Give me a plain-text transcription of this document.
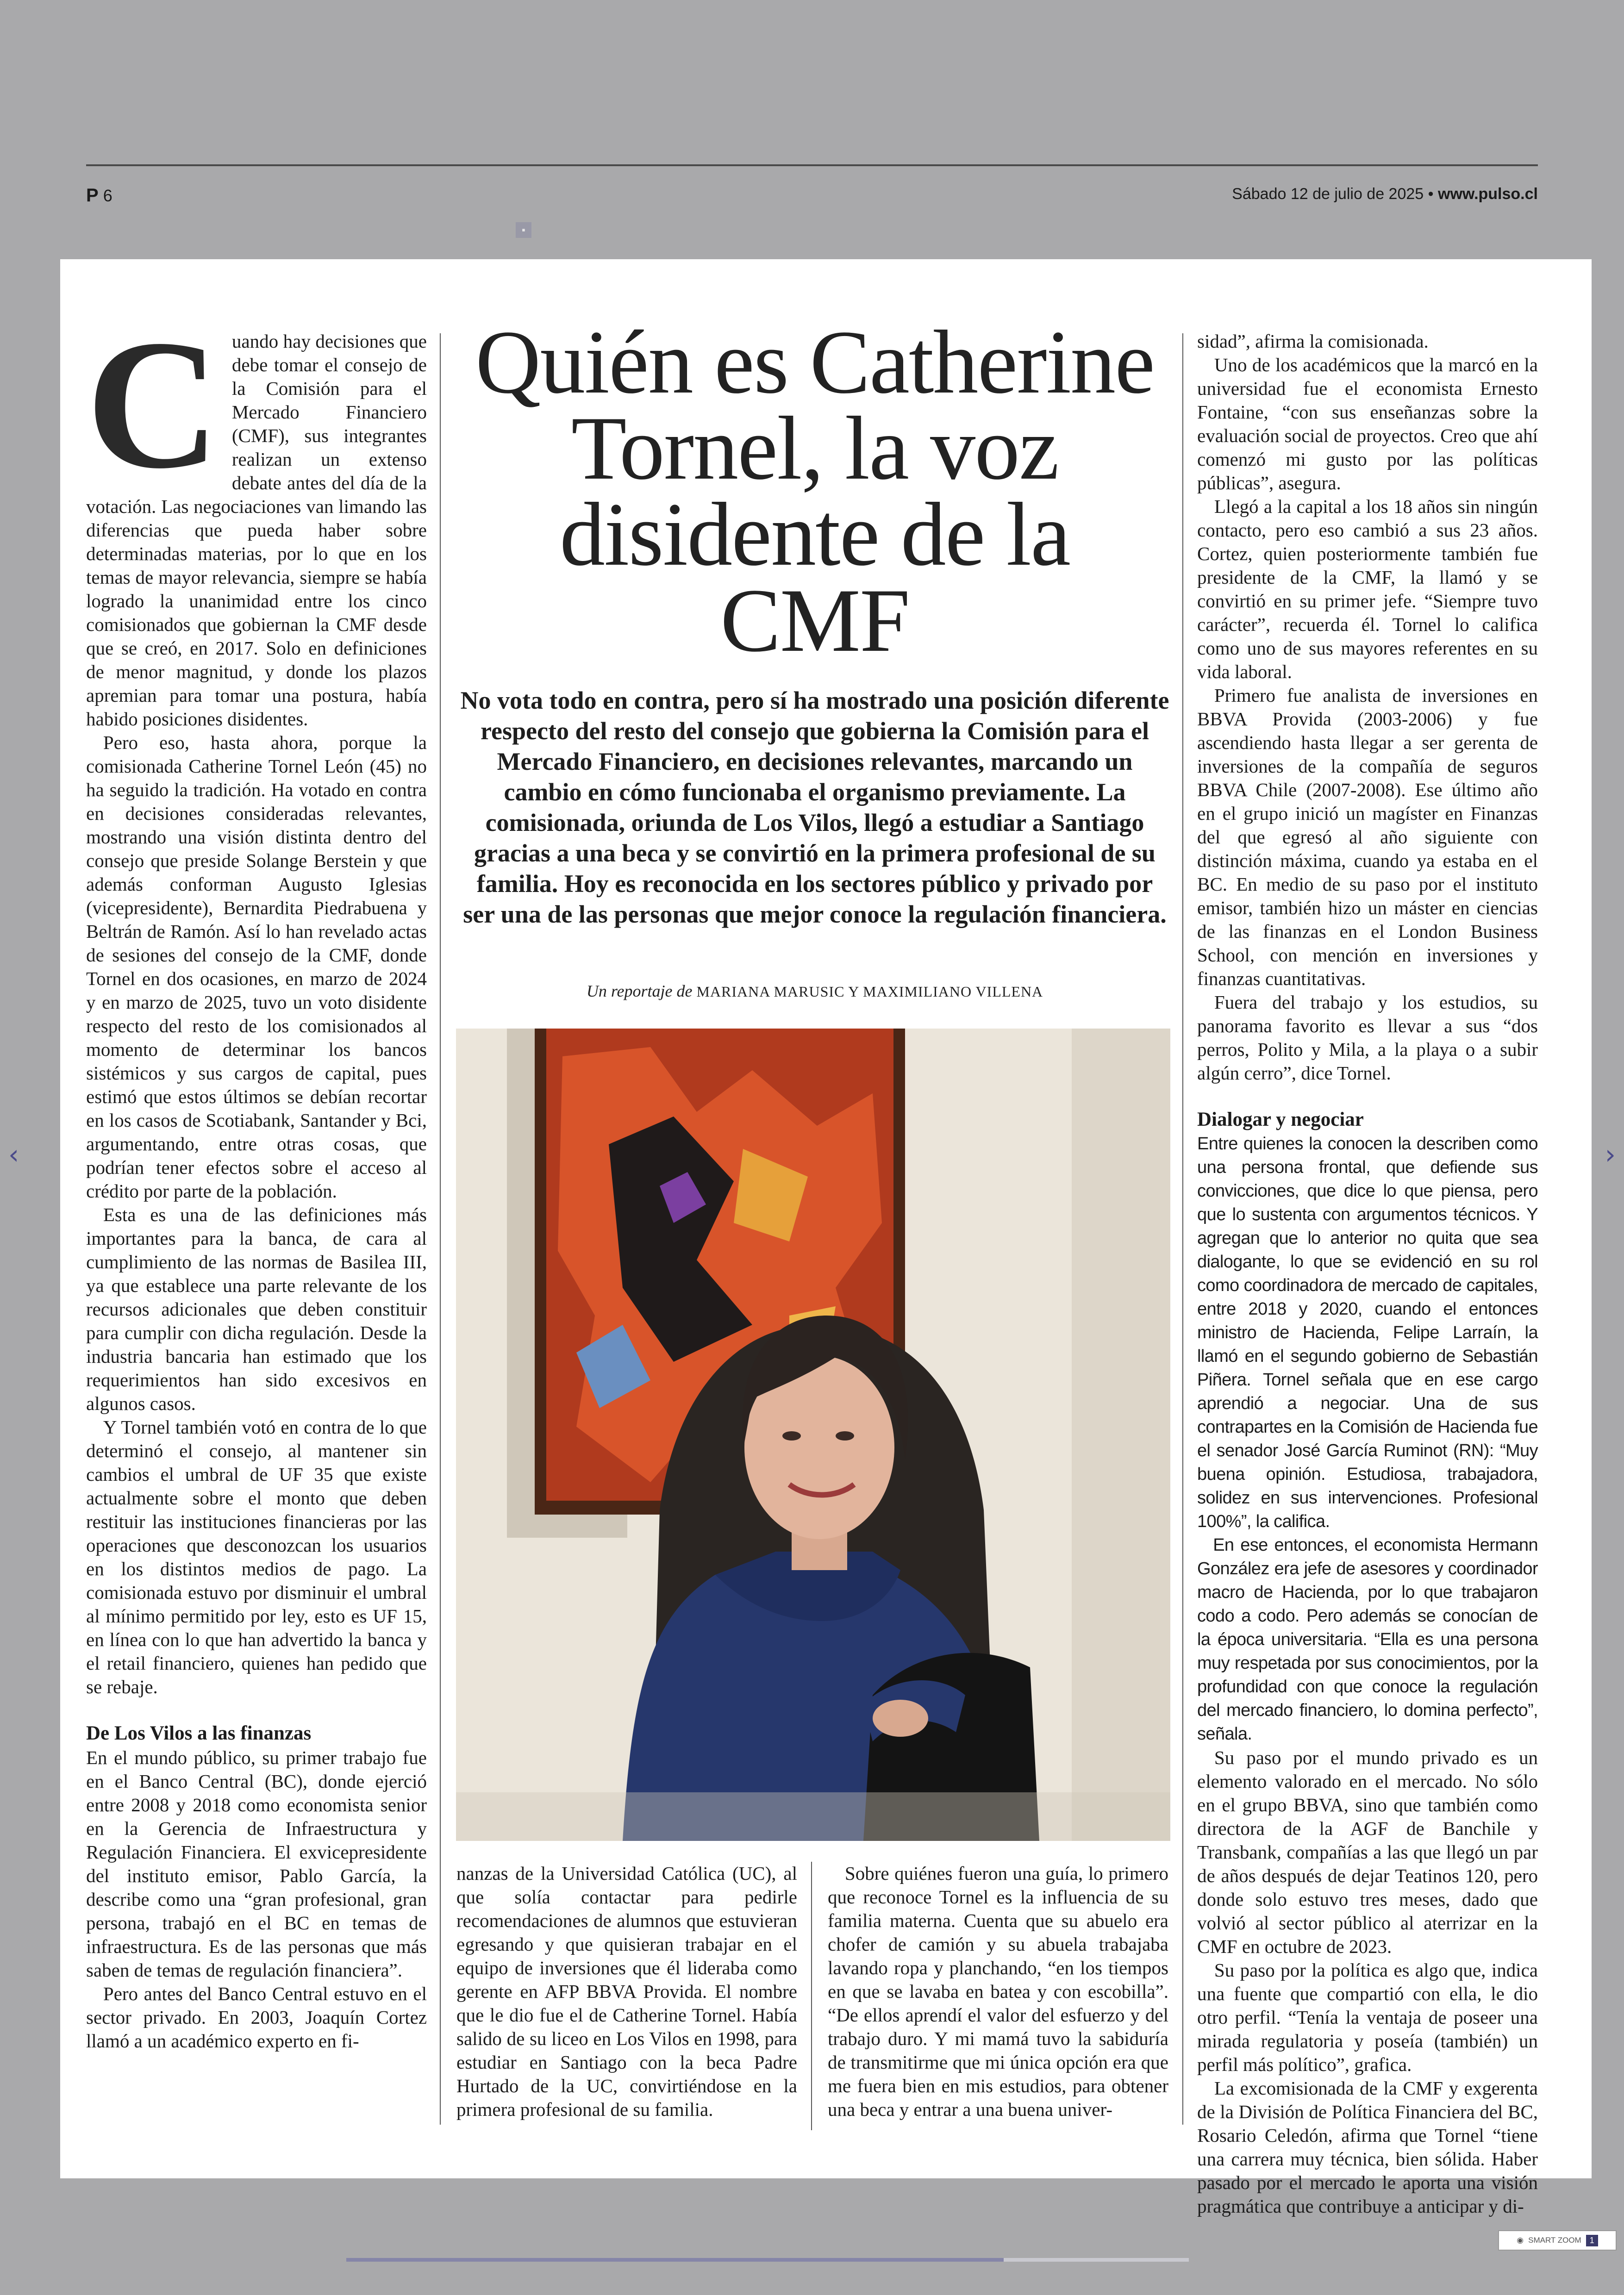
P 6	Sábado 12 de julio de 2025 • www.pulso.cl
▪

Cuando hay decisiones que debe tomar el consejo de la Comisión para el Mercado Financiero (CMF), sus integrantes realizan un extenso debate antes del día de la votación. Las negociaciones van limando las diferencias que pueda haber sobre determinadas materias, por lo que en los temas de mayor relevancia, siempre se había logrado la unanimidad entre los cinco comisionados que gobiernan la CMF desde que se creó, en 2017. Solo en definiciones de menor magnitud, y donde los plazos apremian para tomar una postura, había habido posiciones disidentes.

Pero eso, hasta ahora, porque la comisionada Catherine Tornel León (45) no ha seguido la tradición. Ha votado en contra en decisiones consideradas relevantes, mostrando una visión distinta dentro del consejo que preside Solange Berstein y que además conforman Augusto Iglesias (vicepresidente), Bernardita Piedrabuena y Beltrán de Ramón. Así lo han revelado actas de sesiones del consejo de la CMF, donde Tornel en dos ocasiones, en marzo de 2024 y en marzo de 2025, tuvo un voto disidente respecto del resto de los comisionados al momento de determinar los bancos sistémicos y sus cargos de capital, pues estimó que estos últimos se debían recortar en los casos de Scotiabank, Santander y Bci, argumentando, entre otras cosas, que podrían tener efectos sobre el acceso al crédito por parte de la población.

Esta es una de las definiciones más importantes para la banca, de cara al cumplimiento de las normas de Basilea III, ya que establece una parte relevante de los recursos adicionales que deben constituir para cumplir con dicha regulación. Desde la industria bancaria han estimado que los requerimientos han sido excesivos en algunos casos.

Y Tornel también votó en contra de lo que determinó el consejo, al mantener sin cambios el umbral de UF 35 que existe actualmente sobre el monto que deben restituir las instituciones financieras por las operaciones que desconozcan los usuarios en los distintos medios de pago. La comisionada estuvo por disminuir el umbral al mínimo permitido por ley, esto es UF 15, en línea con lo que han advertido la banca y el retail financiero, quienes han pedido que se rebaje.

De Los Vilos a las finanzas

En el mundo público, su primer trabajo fue en el Banco Central (BC), donde ejerció entre 2008 y 2018 como economista senior en la Gerencia de Infraestructura y Regulación Financiera. El exvicepresidente del instituto emisor, Pablo García, la describe como una “gran profesional, gran persona, trabajó en el BC en temas de infraestructura. Es de las personas que más saben de temas de regulación financiera”.

Pero antes del Banco Central estuvo en el sector privado. En 2003, Joaquín Cortez llamó a un académico experto en fi-

Quién es Catherine Tornel, la voz disidente de la CMF
No vota todo en contra, pero sí ha mostrado una posición diferente respecto del resto del consejo que gobierna la Comisión para el Mercado Financiero, en decisiones relevantes, marcando un cambio en cómo funcionaba el organismo previamente. La comisionada, oriunda de Los Vilos, llegó a estudiar a Santiago gracias a una beca y se convirtió en la primera profesional de su familia. Hoy es reconocida en los sectores público y privado por ser una de las personas que mejor conoce la regulación financiera.
Un reportaje de MARIANA MARUSIC Y MAXIMILIANO VILLENA

nanzas de la Universidad Católica (UC), al que solía contactar para pedirle recomendaciones de alumnos que estuvieran egresando y que quisieran trabajar en el equipo de inversiones que él lideraba como gerente en AFP BBVA Provida. El nombre que le dio fue el de Catherine Tornel. Había salido de su liceo en Los Vilos en 1998, para estudiar en Santiago con la beca Padre Hurtado de la UC, convirtiéndose en la primera profesional de su familia.

Sobre quiénes fueron una guía, lo primero que reconoce Tornel es la influencia de su familia materna. Cuenta que su abuelo era chofer de camión y su abuela trabajaba lavando ropa y planchando, “en los tiempos en que se lavaba en batea y con escobilla”. “De ellos aprendí el valor del esfuerzo y del trabajo duro. Y mi mamá tuvo la sabiduría de transmitirme que mi única opción era que me fuera bien en mis estudios, para obtener una beca y entrar a una buena univer-

sidad”, afirma la comisionada.

Uno de los académicos que la marcó en la universidad fue el economista Ernesto Fontaine, “con sus enseñanzas sobre la evaluación social de proyectos. Creo que ahí comenzó mi gusto por las políticas públicas”, asegura.

Llegó a la capital a los 18 años sin ningún contacto, pero eso cambió a sus 23 años. Cortez, quien posteriormente también fue presidente de la CMF, la llamó y se convirtió en su primer jefe. “Siempre tuvo carácter”, recuerda él. Tornel lo califica como uno de sus mayores referentes en su vida laboral.

Primero fue analista de inversiones en BBVA Provida (2003-2006) y fue ascendiendo hasta llegar a ser gerenta de inversiones de la compañía de seguros BBVA Chile (2007-2008). Ese último año en el grupo inició un magíster en Finanzas del que egresó al año siguiente con distinción máxima, cuando ya estaba en el BC. En medio de su paso por el instituto emisor, también hizo un máster en ciencias de las finanzas en el London Business School, con mención en inversiones y finanzas cuantitativas.

Fuera del trabajo y los estudios, su panorama favorito es llevar a sus “dos perros, Polito y Mila, a la playa o a subir algún cerro”, dice Tornel.

Dialogar y negociar

Entre quienes la conocen la describen como una persona frontal, que defiende sus convicciones, que dice lo que piensa, pero que lo sustenta con argumentos técnicos. Y agregan que lo anterior no quita que sea dialogante, lo que se evidenció en su rol como coordinadora de mercado de capitales, entre 2018 y 2020, cuando el entonces ministro de Hacienda, Felipe Larraín, la llamó en el segundo gobierno de Sebastián Piñera. Tornel señala que en ese cargo aprendió a negociar. Una de sus contrapartes en la Comisión de Hacienda fue el senador José García Ruminot (RN): “Muy buena opinión. Estudiosa, trabajadora, solidez en sus intervenciones. Profesional 100%”, la califica.

En ese entonces, el economista Hermann González era jefe de asesores y coordinador macro de Hacienda, por lo que trabajaron codo a codo. Pero además se conocían de la época universitaria. “Ella es una persona muy respetada por sus conocimientos, por la profundidad con que conoce la regulación del mercado financiero, lo domina perfecto”, señala.

Su paso por el mundo privado es un elemento valorado en el mercado. No sólo en el grupo BBVA, sino que también como directora de la AGF de Banchile y Transbank, compañías a las que llegó un par de años después de dejar Teatinos 120, pero donde solo estuvo tres meses, dado que volvió al sector público al aterrizar en la CMF en octubre de 2023.

Su paso por la política es algo que, indica una fuente que compartió con ella, le dio otro perfil. “Tenía la ventaja de poseer una mirada regulatoria y poseía (también) un perfil más político”, grafica.

La excomisionada de la CMF y exgerenta de la División de Política Financiera del BC, Rosario Celedón, afirma que Tornel “tiene una carrera muy técnica, bien sólida. Haber pasado por el mercado le aporta una visión pragmática que contribuye a anticipar y di-

‹	›
◉ SMART ZOOM	1
